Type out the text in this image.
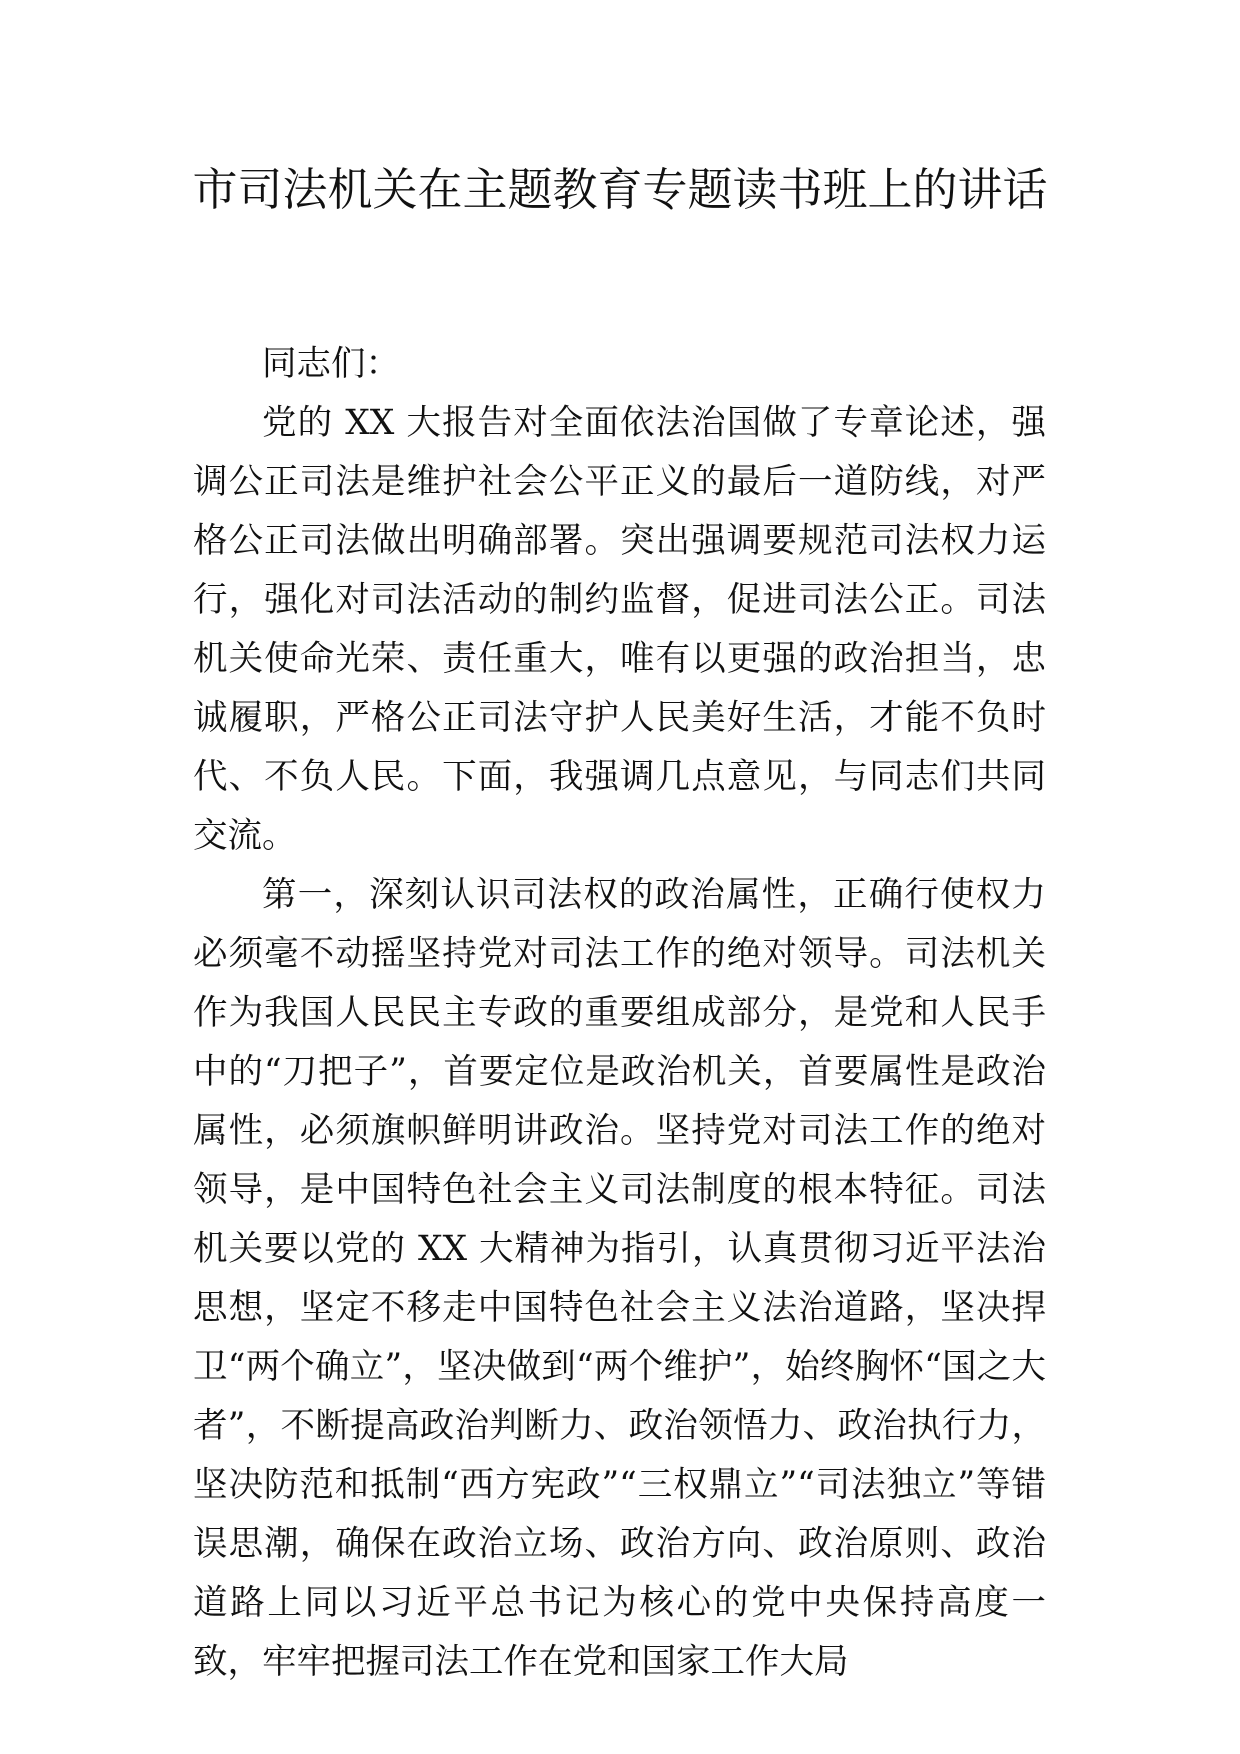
市司法机关在主题教育专题读书班上的讲话

同志们：

党的 XX 大报告对全面依法治国做了专章论述，强调公正司法是维护社会公平正义的最后一道防线，对严格公正司法做出明确部署。突出强调要规范司法权力运行，强化对司法活动的制约监督，促进司法公正。司法机关使命光荣、责任重大，唯有以更强的政治担当，忠诚履职，严格公正司法守护人民美好生活，才能不负时代、不负人民。下面，我强调几点意见，与同志们共同交流。

第一，深刻认识司法权的政治属性，正确行使权力必须毫不动摇坚持党对司法工作的绝对领导。司法机关作为我国人民民主专政的重要组成部分，是党和人民手中的“刀把子”，首要定位是政治机关，首要属性是政治属性，必须旗帜鲜明讲政治。坚持党对司法工作的绝对领导，是中国特色社会主义司法制度的根本特征。司法机关要以党的 XX 大精神为指引，认真贯彻习近平法治思想，坚定不移走中国特色社会主义法治道路，坚决捍卫“两个确立”，坚决做到“两个维护”，始终胸怀“国之大者”，不断提高政治判断力、政治领悟力、政治执行力，坚决防范和抵制“西方宪政”“三权鼎立”“司法独立”等错误思潮，确保在政治立场、政治方向、政治原则、政治道路上同以习近平总书记为核心的党中央保持高度一致，牢牢把握司法工作在党和国家工作大局
